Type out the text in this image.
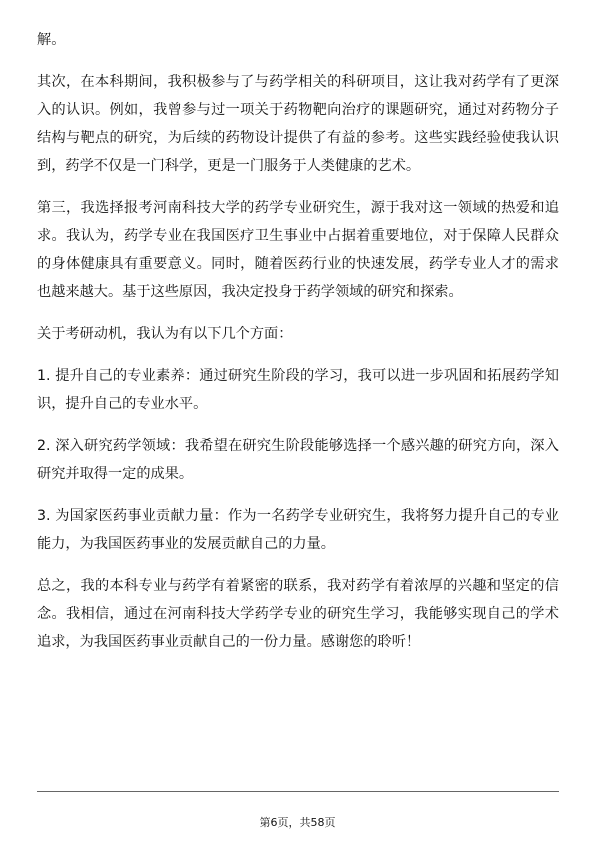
解。

其次，在本科期间，我积极参与了与药学相关的科研项目，这让我对药学有了更深入的认识。例如，我曾参与过一项关于药物靶向治疗的课题研究，通过对药物分子结构与靶点的研究，为后续的药物设计提供了有益的参考。这些实践经验使我认识到，药学不仅是一门科学，更是一门服务于人类健康的艺术。

第三，我选择报考河南科技大学的药学专业研究生，源于我对这一领域的热爱和追求。我认为，药学专业在我国医疗卫生事业中占据着重要地位，对于保障人民群众的身体健康具有重要意义。同时，随着医药行业的快速发展，药学专业人才的需求也越来越大。基于这些原因，我决定投身于药学领域的研究和探索。

关于考研动机，我认为有以下几个方面：

1. 提升自己的专业素养：通过研究生阶段的学习，我可以进一步巩固和拓展药学知识，提升自己的专业水平。

2. 深入研究药学领域：我希望在研究生阶段能够选择一个感兴趣的研究方向，深入研究并取得一定的成果。

3. 为国家医药事业贡献力量：作为一名药学专业研究生，我将努力提升自己的专业能力，为我国医药事业的发展贡献自己的力量。

总之，我的本科专业与药学有着紧密的联系，我对药学有着浓厚的兴趣和坚定的信念。我相信，通过在河南科技大学药学专业的研究生学习，我能够实现自己的学术追求，为我国医药事业贡献自己的一份力量。感谢您的聆听！

第6页，共58页
